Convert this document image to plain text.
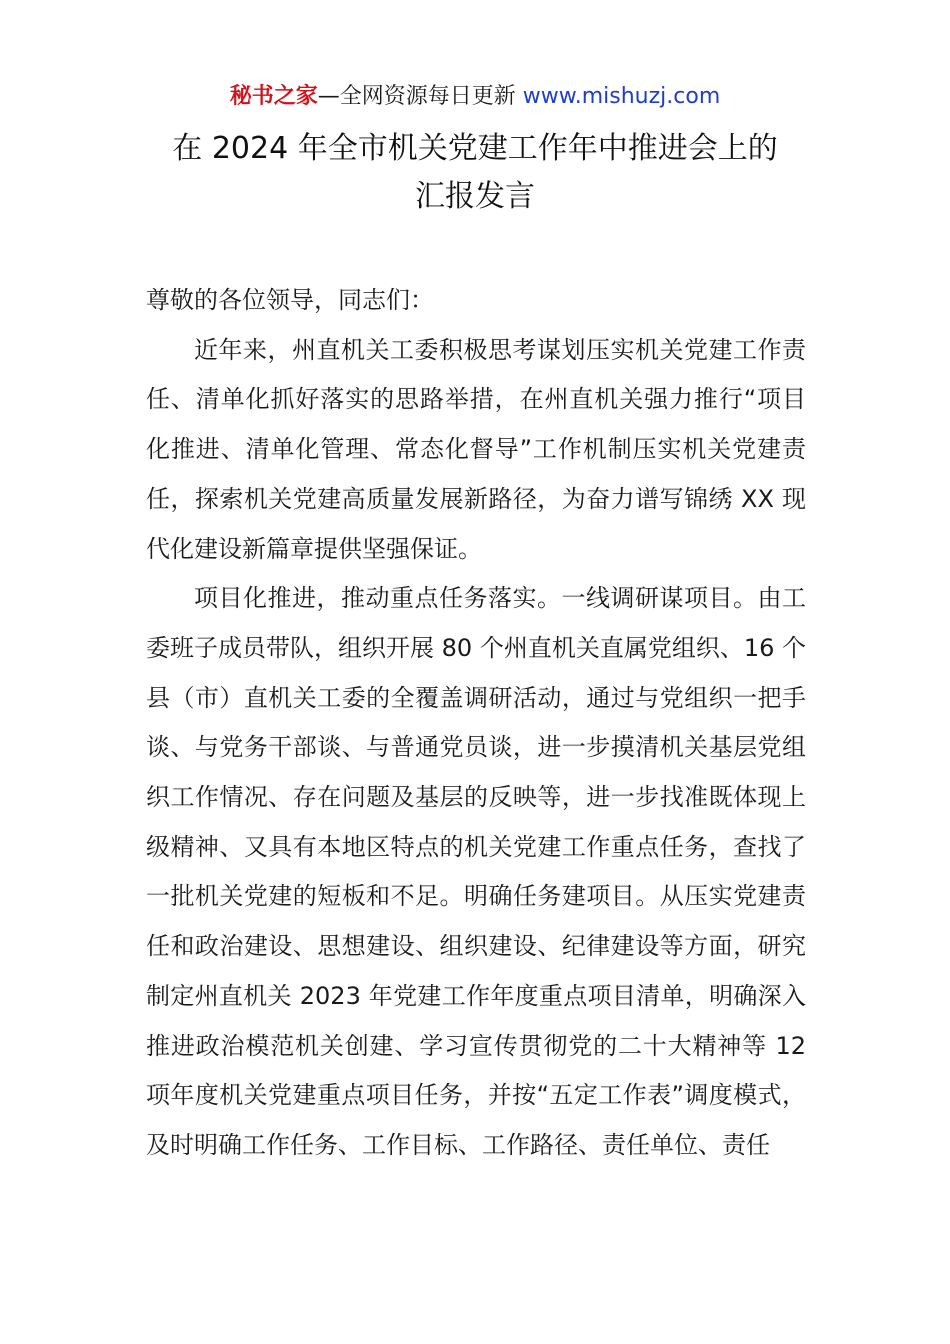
秘书之家—全网资源每日更新 www.mishuzj.com
在 2024 年全市机关党建工作年中推进会上的
汇报发言

尊敬的各位领导，同志们：

近年来，州直机关工委积极思考谋划压实机关党建工作责任、清单化抓好落实的思路举措，在州直机关强力推行“项目化推进、清单化管理、常态化督导”工作机制压实机关党建责任，探索机关党建高质量发展新路径，为奋力谱写锦绣 XX 现代化建设新篇章提供坚强保证。

项目化推进，推动重点任务落实。一线调研谋项目。由工委班子成员带队，组织开展 80 个州直机关直属党组织、16 个县（市）直机关工委的全覆盖调研活动，通过与党组织一把手谈、与党务干部谈、与普通党员谈，进一步摸清机关基层党组织工作情况、存在问题及基层的反映等，进一步找准既体现上级精神、又具有本地区特点的机关党建工作重点任务，查找了一批机关党建的短板和不足。明确任务建项目。从压实党建责任和政治建设、思想建设、组织建设、纪律建设等方面，研究制定州直机关 2023 年党建工作年度重点项目清单，明确深入推进政治模范机关创建、学习宣传贯彻党的二十大精神等 12 项年度机关党建重点项目任务，并按“五定工作表”调度模式，及时明确工作任务、工作目标、工作路径、责任单位、责任
